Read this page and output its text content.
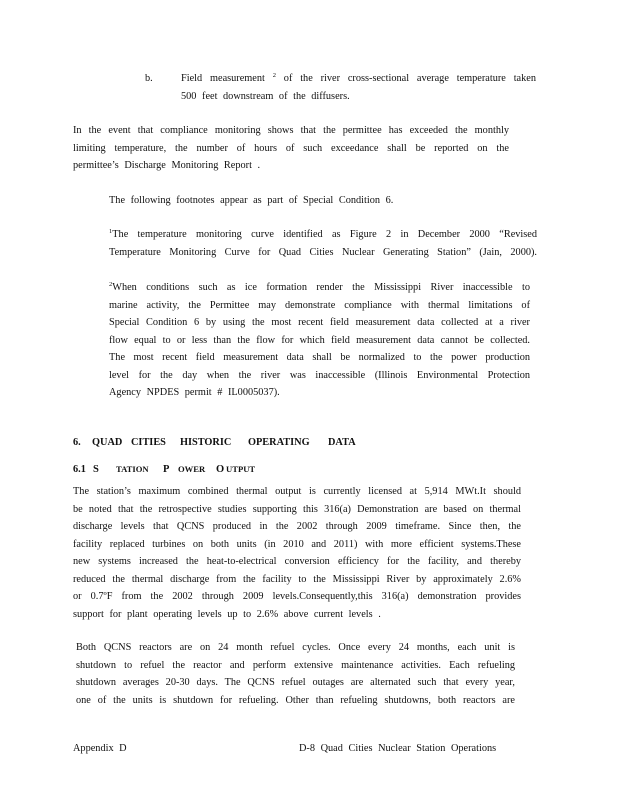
b.	Field measurement $^2$ of the river cross-sectional average temperature taken
500 feet downstream of the diffusers.
In the event that compliance monitoring shows that the permittee has exceeded the monthly
limiting temperature, the number of hours of such exceedance shall be reported on the
permittee’s Discharge Monitoring Report .
The following footnotes appear as part of Special Condition 6.
$^1$The temperature monitoring curve identified as Figure 2 in December 2000 “Revised
Temperature Monitoring Curve for Quad Cities Nuclear Generating Station” (Jain, 2000).
$^2$When conditions such as ice formation render the Mississippi River inaccessible to
marine activity, the Permittee may demonstrate compliance with thermal limitations of
Special Condition 6 by using the most recent field measurement data collected at a river
flow equal to or less than the flow for which field measurement data cannot be collected.
The most recent field measurement data shall be normalized to the power production
level for the day when the river was inaccessible (Illinois Environmental Protection
Agency NPDES permit # IL0005037).
6. QUAD CITIES HISTORIC OPERATING DATA
6.1 S TATION P OWER O UTPUT
The station’s maximum combined thermal output is currently licensed at 5,914 MWt.It should
be noted that the retrospective studies supporting this 316(a) Demonstration are based on thermal
discharge levels that QCNS produced in the 2002 through 2009 timeframe. Since then, the
facility replaced turbines on both units (in 2010 and 2011) with more efficient systems.These
new systems increased the heat-to-electrical conversion efficiency for the facility, and thereby
reduced the thermal discharge from the facility to the Mississippi River by approximately 2.6%
or 0.7ºF from the 2002 through 2009 levels.Consequently,this 316(a) demonstration provides
support for plant operating levels up to 2.6% above current levels .
Both QCNS reactors are on 24 month refuel cycles. Once every 24 months, each unit is
shutdown to refuel the reactor and perform extensive maintenance activities. Each refueling
shutdown averages 20-30 days. The QCNS refuel outages are alternated such that every year,
one of the units is shutdown for refueling. Other than refueling shutdowns, both reactors are
Appendix D	D-8 Quad Cities Nuclear Station Operations
